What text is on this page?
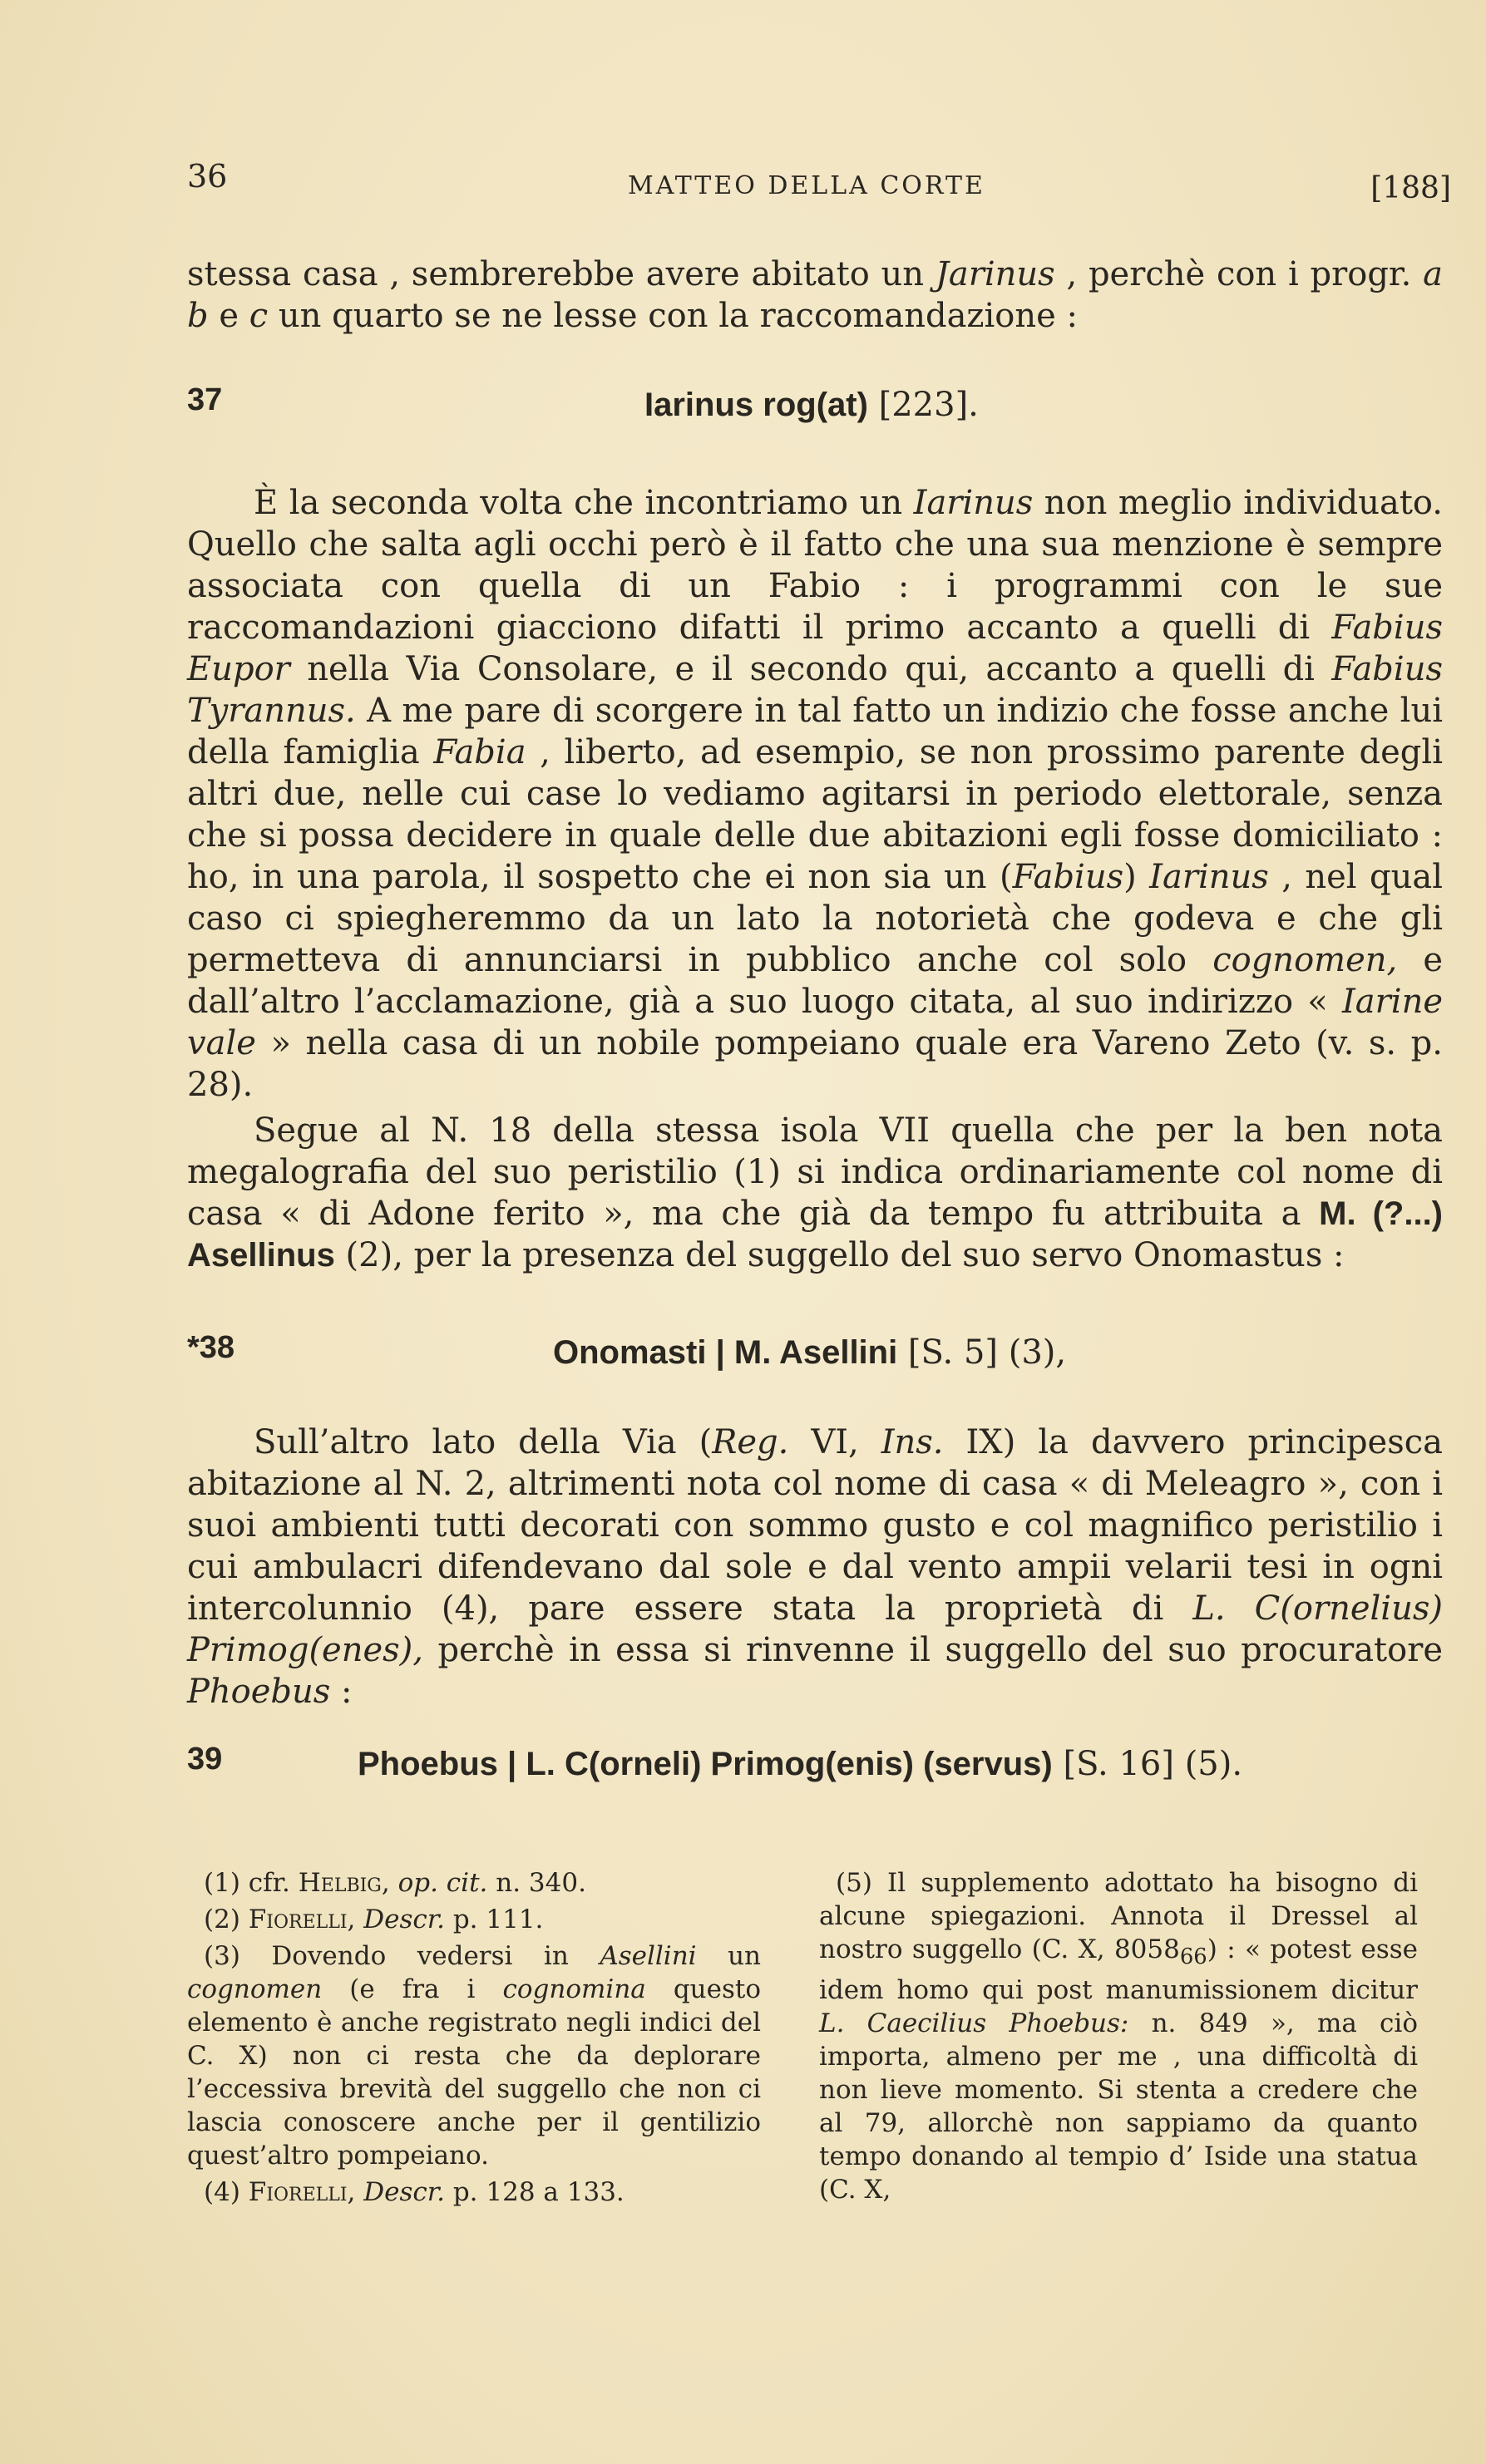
36	MATTEO DELLA CORTE	[188]
stessa casa , sembrerebbe avere abitato un Jarinus , perchè con i progr. a b e c un quarto se ne lesse con la raccomandazione :
37	Iarinus rog(at) [223].
È la seconda volta che incontriamo un Iarinus non meglio individuato. Quello che salta agli occhi però è il fatto che una sua menzione è sempre associata con quella di un Fabio : i programmi con le sue raccomandazioni giacciono difatti il primo accanto a quelli di Fabius Eupor nella Via Consolare, e il secondo qui, accanto a quelli di Fabius Tyrannus. A me pare di scorgere in tal fatto un indizio che fosse anche lui della famiglia Fabia , liberto, ad esempio, se non prossimo parente degli altri due, nelle cui case lo vediamo agitarsi in periodo elettorale, senza che si possa decidere in quale delle due abitazioni egli fosse domiciliato : ho, in una parola, il sospetto che ei non sia un (Fabius) Iarinus , nel qual caso ci spiegheremmo da un lato la notorietà che godeva e che gli permetteva di annunciarsi in pubblico anche col solo cognomen, e dall’altro l’acclamazione, già a suo luogo citata, al suo indirizzo « Iarine vale » nella casa di un nobile pompeiano quale era Vareno Zeto (v. s. p. 28).
Segue al N. 18 della stessa isola VII quella che per la ben nota megalografia del suo peristilio (1) si indica ordinariamente col nome di casa « di Adone ferito », ma che già da tempo fu attribuita a M. (?...) Asellinus (2), per la presenza del suggello del suo servo Onomastus :
*38	Onomasti | M. Asellini [S. 5] (3),
Sull’altro lato della Via (Reg. VI, Ins. IX) la davvero principesca abitazione al N. 2, altrimenti nota col nome di casa « di Meleagro », con i suoi ambienti tutti decorati con sommo gusto e col magnifico peristilio i cui ambulacri difendevano dal sole e dal vento ampii velarii tesi in ogni intercolunnio (4), pare essere stata la proprietà di L. C(ornelius) Primog(enes), perchè in essa si rinvenne il suggello del suo procuratore Phoebus :
39	Phoebus | L. C(orneli) Primog(enis) (servus) [S. 16] (5).

(1) cfr. Helbig, op. cit. n. 340.

(2) Fiorelli, Descr. p. 111.

(3) Dovendo vedersi in Asellini un cognomen (e fra i cognomina questo elemento è anche registrato negli indici del C. X) non ci resta che da deplorare l’eccessiva brevità del suggello che non ci lascia conoscere anche per il gentilizio quest’altro pompeiano.

(4) Fiorelli, Descr. p. 128 a 133.

(5) Il supplemento adottato ha bisogno di alcune spiegazioni. Annota il Dressel al nostro suggello (C. X, $8058_{66}$) : « potest esse idem homo qui post manumissionem dicitur L. Caecilius Phoebus: n. 849 », ma ciò importa, almeno per me , una difficoltà di non lieve momento. Si stenta a credere che al 79, allorchè non sappiamo da quanto tempo donando al tempio d’ Iside una statua (C. X,
